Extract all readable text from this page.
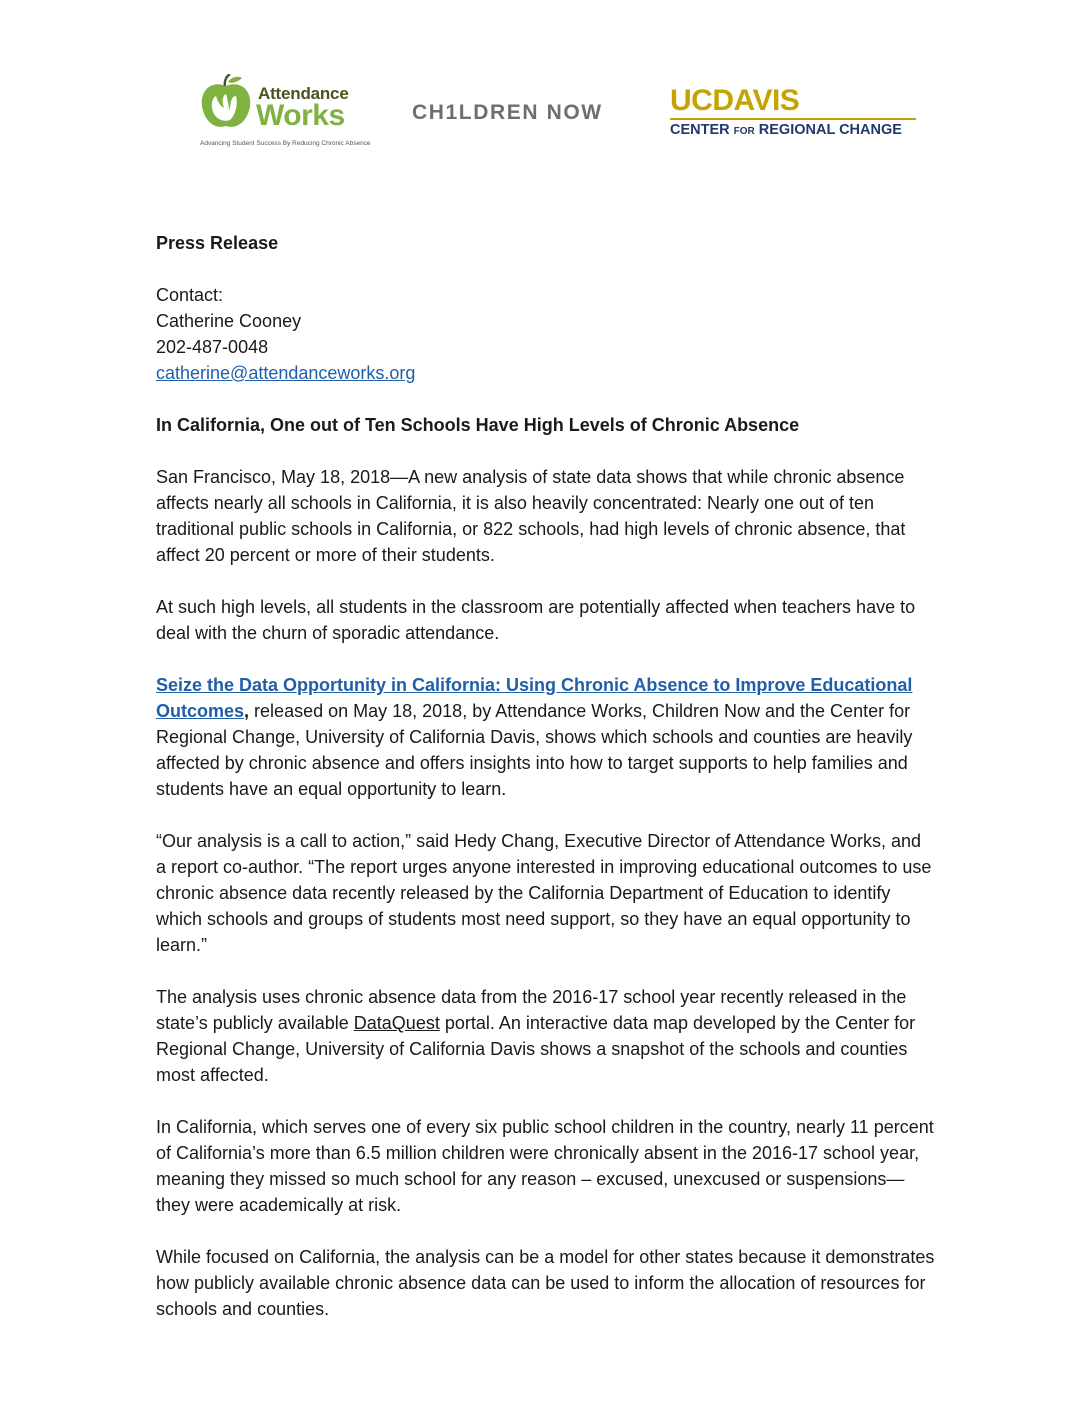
Attendance
Works
Advancing Student Success By Reducing Chronic Absence
CH1LDREN NOW UCDAVIS
CENTER FOR REGIONAL CHANGE

Press Release

Contact:

Catherine Cooney

202-487-0048

catherine@attendanceworks.org

In California, One out of Ten Schools Have High Levels of Chronic Absence

San Francisco, May 18, 2018—A new analysis of state data shows that while chronic absence affects nearly all schools in California, it is also heavily concentrated: Nearly one out of ten traditional public schools in California, or 822 schools, had high levels of chronic absence, that affect 20 percent or more of their students.

At such high levels, all students in the classroom are potentially affected when teachers have to deal with the churn of sporadic attendance.

Seize the Data Opportunity in California: Using Chronic Absence to Improve Educational Outcomes, released on May 18, 2018, by Attendance Works, Children Now and the Center for Regional Change, University of California Davis, shows which schools and counties are heavily affected by chronic absence and offers insights into how to target supports to help families and students have an equal opportunity to learn.

“Our analysis is a call to action,” said Hedy Chang, Executive Director of Attendance Works, and a report co-author. “The report urges anyone interested in improving educational outcomes to use chronic absence data recently released by the California Department of Education to identify which schools and groups of students most need support, so they have an equal opportunity to learn.”

The analysis uses chronic absence data from the 2016-17 school year recently released in the state’s publicly available DataQuest portal. An interactive data map developed by the Center for Regional Change, University of California Davis shows a snapshot of the schools and counties most affected.

In California, which serves one of every six public school children in the country, nearly 11 percent of California’s more than 6.5 million children were chronically absent in the 2016-17 school year, meaning they missed so much school for any reason – excused, unexcused or suspensions—they were academically at risk.

While focused on California, the analysis can be a model for other states because it demonstrates how publicly available chronic absence data can be used to inform the allocation of resources for schools and counties.
